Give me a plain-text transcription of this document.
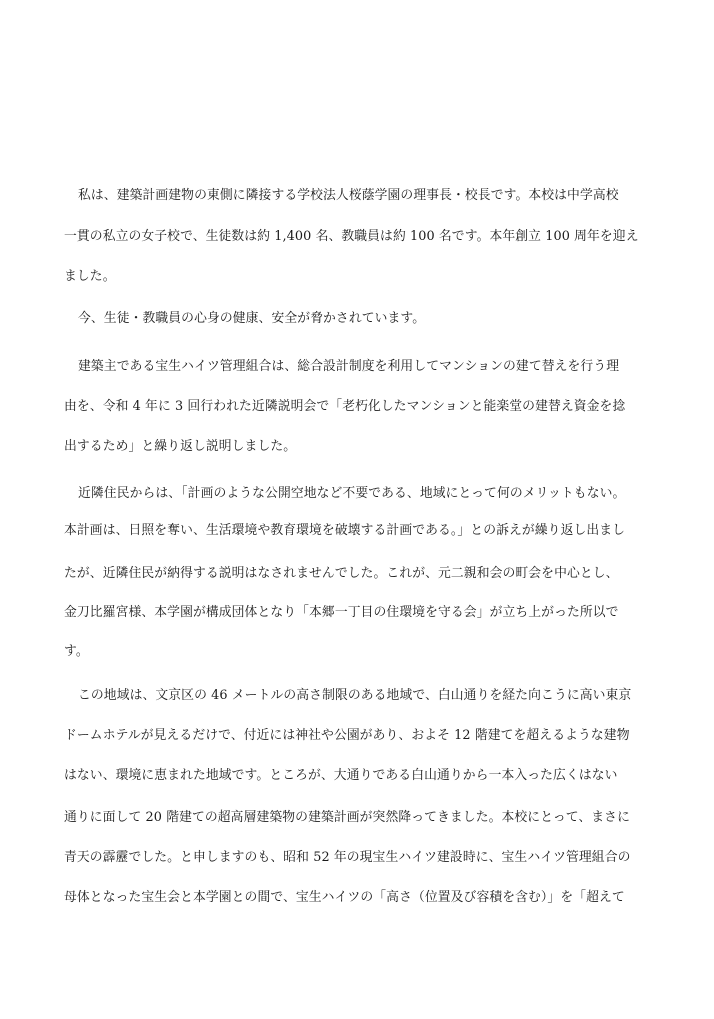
私は、建築計画建物の東側に隣接する学校法人桜蔭学園の理事長・校長です。本校は中学高校
一貫の私立の女子校で、生徒数は約 1,400 名、教職員は約 100 名です。本年創立 100 周年を迎え
ました。
今、生徒・教職員の心身の健康、安全が脅かされています。
建築主である宝生ハイツ管理組合は、総合設計制度を利用してマンションの建て替えを行う理
由を、令和 4 年に 3 回行われた近隣説明会で「老朽化したマンションと能楽堂の建替え資金を捻
出するため」と繰り返し説明しました。
近隣住民からは、「計画のような公開空地など不要である、地域にとって何のメリットもない。
本計画は、日照を奪い、生活環境や教育環境を破壊する計画である。」との訴えが繰り返し出まし
たが、近隣住民が納得する説明はなされませんでした。これが、元二親和会の町会を中心とし、
金刀比羅宮様、本学園が構成団体となり「本郷一丁目の住環境を守る会」が立ち上がった所以で
す。
この地域は、文京区の 46 メートルの高さ制限のある地域で、白山通りを経た向こうに高い東京
ドームホテルが見えるだけで、付近には神社や公園があり、およそ 12 階建てを超えるような建物
はない、環境に恵まれた地域です。ところが、大通りである白山通りから一本入った広くはない
通りに面して 20 階建ての超高層建築物の建築計画が突然降ってきました。本校にとって、まさに
青天の霹靂でした。と申しますのも、昭和 52 年の現宝生ハイツ建設時に、宝生ハイツ管理組合の
母体となった宝生会と本学園との間で、宝生ハイツの「高さ（位置及び容積を含む）」を「超えて
